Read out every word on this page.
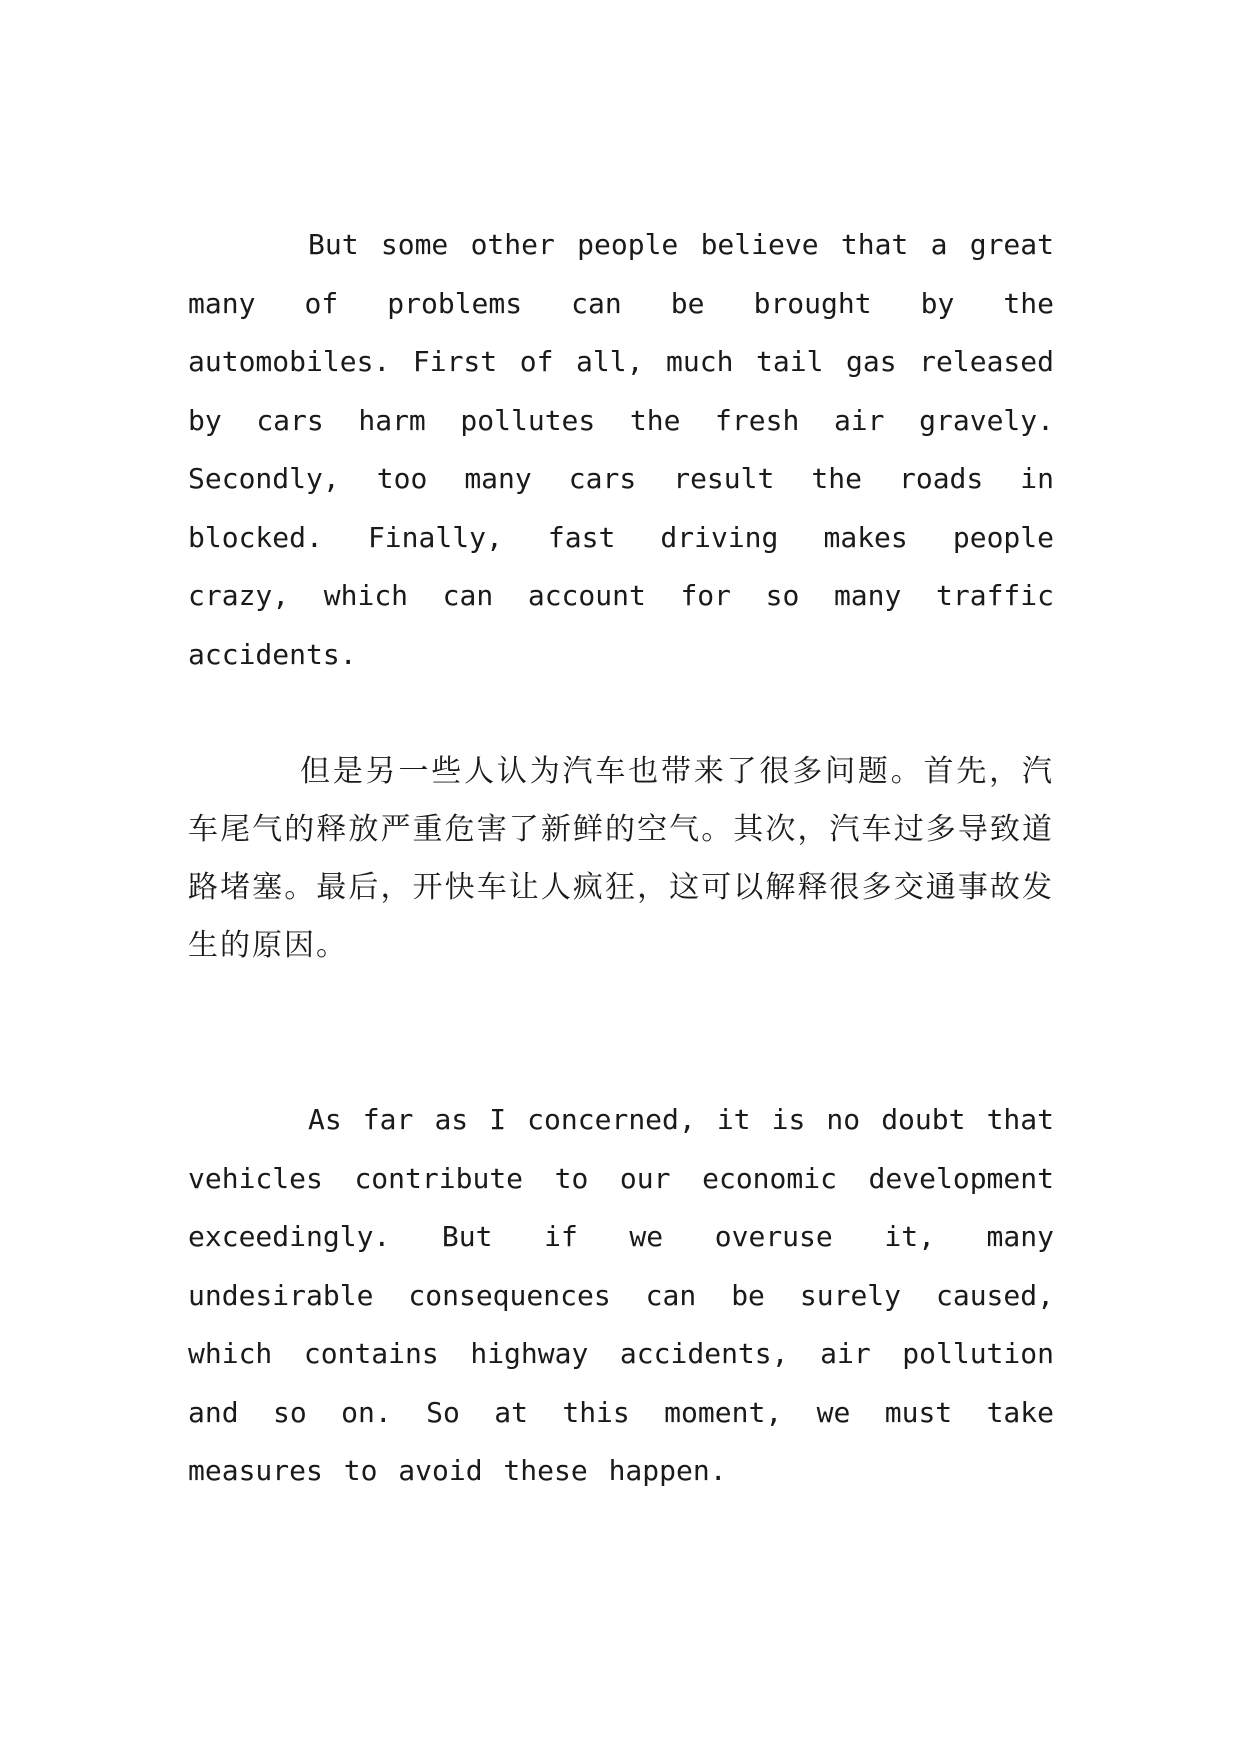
But some other people believe that a great many of problems can be brought by the automobiles. First of all, much tail gas released by cars harm pollutes the fresh air gravely. Secondly, too many cars result the roads in blocked. Finally, fast driving makes people crazy, which can account for so many traffic accidents.

但是另一些人认为汽车也带来了很多问题。首先，汽车尾气的释放严重危害了新鲜的空气。其次，汽车过多导致道路堵塞。最后，开快车让人疯狂，这可以解释很多交通事故发生的原因。

As far as I concerned, it is no doubt that vehicles contribute to our economic development exceedingly. But if we overuse it, many undesirable consequences can be surely caused, which contains highway accidents, air pollution and so on. So at this moment, we must take measures to avoid these happen.
